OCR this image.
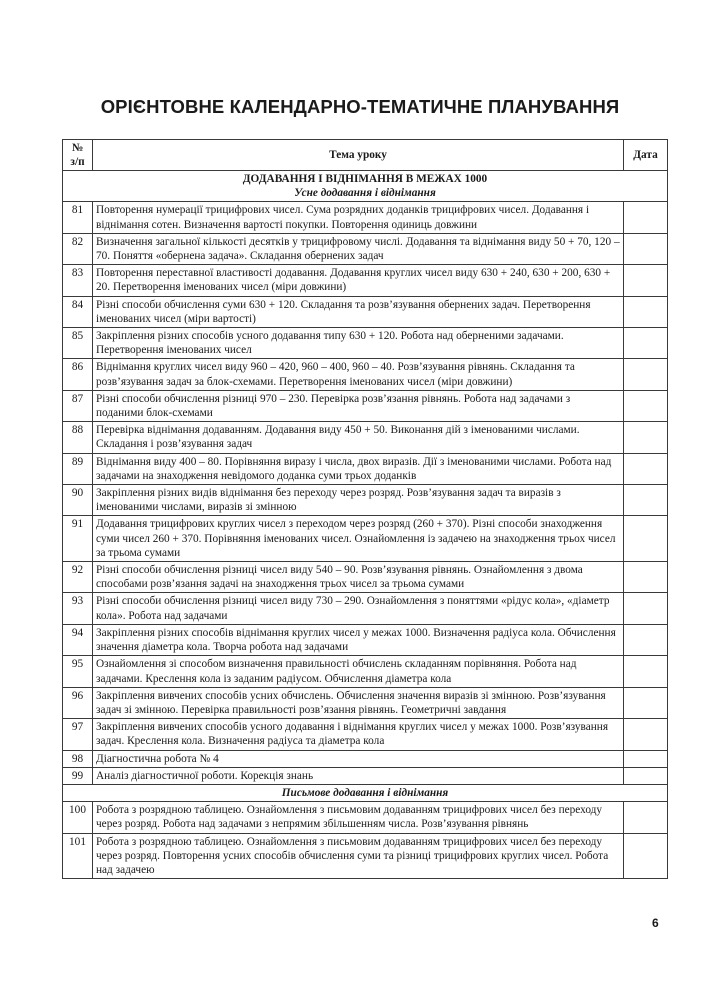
ОРІЄНТОВНЕ КАЛЕНДАРНО-ТЕМАТИЧНЕ ПЛАНУВАННЯ
№
з/п	Тема уроку	Дата

ДОДАВАННЯ І ВІДНІМАННЯ В МЕЖАХ 1000
Усне додавання і віднімання		

81	Повторення нумерації трицифрових чисел. Сума розрядних доданків трицифрових чисел. Додавання і віднімання сотен. Визначення вартості покупки. Повторення одиниць довжини	
82	Визначення загальної кількості десятків у трицифровому числі. Додавання та віднімання виду 50 + 70, 120 – 70. Поняття «обернена задача». Складання обернених задач	
83	Повторення переставної властивості додавання. Додавання круглих чисел виду 630 + 240, 630 + 200, 630 + 20. Перетворення іменованих чисел (міри довжини)	
84	Різні способи обчислення суми 630 + 120. Складання та розв’язування обернених задач. Перетворення іменованих чисел (міри вартості)	
85	Закріплення різних способів усного додавання типу 630 + 120. Робота над оберненими задачами. Перетворення іменованих чисел	
86	Віднімання круглих чисел виду 960 – 420, 960 – 400, 960 – 40. Розв’язування рівнянь. Складання та розв’язування задач за блок-схемами. Перетворення іменованих чисел (міри довжини)	
87	Різні способи обчислення різниці 970 – 230. Перевірка розв’язання рівнянь. Робота над задачами з поданими блок-схемами	
88	Перевірка віднімання додаванням. Додавання виду 450 + 50. Виконання дій з іменованими числами. Складання і розв’язування задач	
89	Віднімання виду 400 – 80. Порівняння виразу і числа, двох виразів. Дії з іменованими числами. Робота над задачами на знаходження невідомого доданка суми трьох доданків	
90	Закріплення різних видів віднімання без переходу через розряд. Розв’язування задач та виразів з іменованими числами, виразів зі змінною	
91	Додавання трицифрових круглих чисел з переходом через розряд (260 + 370). Різні способи знаходження суми чисел 260 + 370. Порівняння іменованих чисел. Ознайомлення із задачею на знаходження трьох чисел за трьома сумами	
92	Різні способи обчислення різниці чисел виду 540 – 90. Розв’язування рівнянь. Ознайомлення з двома способами розв’язання задачі на знаходження трьох чисел за трьома сумами	
93	Різні способи обчислення різниці чисел виду 730 – 290. Ознайомлення з поняттями «рідус кола», «діаметр кола». Робота над задачами	
94	Закріплення різних способів віднімання круглих чисел у межах 1000. Визначення радіуса кола. Обчислення значення діаметра кола. Творча робота над задачами	
95	Ознайомлення зі способом визначення правильності обчислень складанням порівняння. Робота над задачами. Креслення кола із заданим радіусом. Обчислення діаметра кола	
96	Закріплення вивчених способів усних обчислень. Обчислення значення виразів зі змінною. Розв’язування задач зі змінною. Перевірка правильності розв’язання рівнянь. Геометричні завдання	
97	Закріплення вивчених способів усного додавання і віднімання круглих чисел у межах 1000. Розв’язування задач. Креслення кола. Визначення радіуса та діаметра кола	
98	Діагностична робота № 4	
99	Аналіз діагностичної роботи. Корекція знань	
Письмове додавання і віднімання		
100	Робота з розрядною таблицею. Ознайомлення з письмовим додаванням трицифрових чисел без переходу через розряд. Робота над задачами з непрямим збільшенням числа. Розв’язування рівнянь	
101	Робота з розрядною таблицею. Ознайомлення з письмовим додаванням трицифрових чисел без переходу через розряд. Повторення усних способів обчислення суми та різниці трицифрових круглих чисел. Робота над задачею	
6
